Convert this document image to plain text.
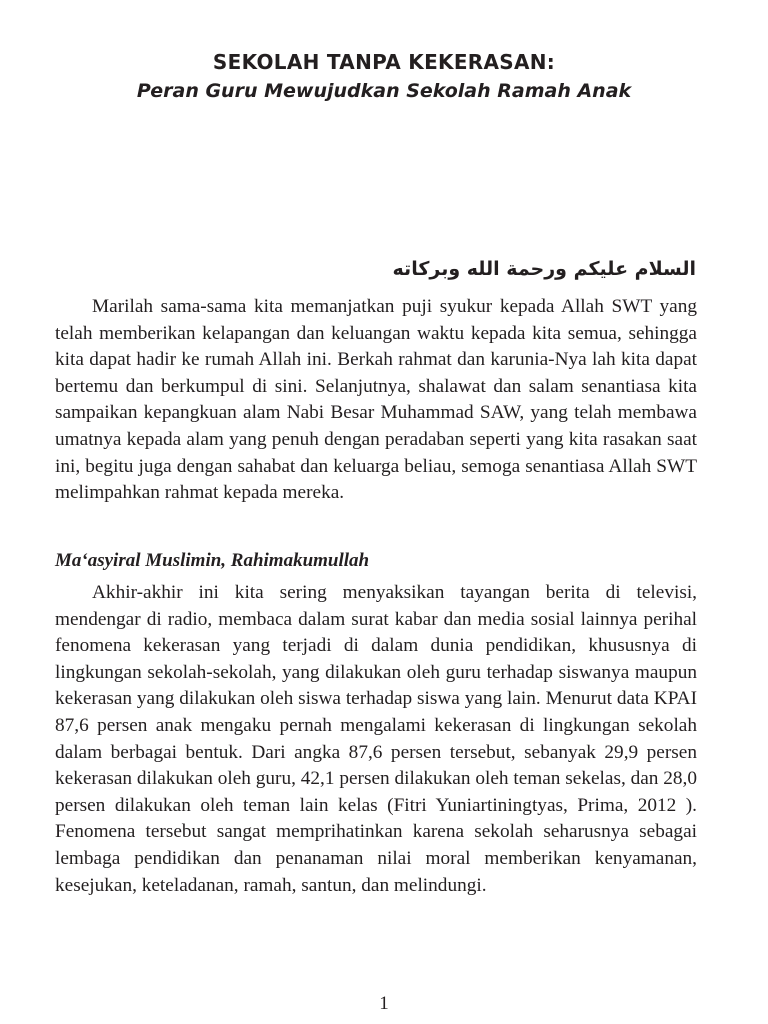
SEKOLAH TANPA KEKERASAN:
Peran Guru Mewujudkan Sekolah Ramah Anak

السلام عليكم ورحمة الله وبركاته

Marilah sama-sama kita memanjatkan puji syukur kepada Allah SWT yang telah memberikan kelapangan dan keluangan waktu kepada kita semua, sehingga kita dapat hadir ke rumah Allah ini. Berkah rahmat dan karunia-Nya lah kita dapat bertemu dan berkumpul di sini. Selanjutnya, shalawat dan salam senantiasa kita sampaikan kepangkuan alam Nabi Besar Muhammad SAW, yang telah membawa umatnya kepada alam yang penuh dengan peradaban seperti yang kita rasakan saat ini, begitu juga dengan sahabat dan keluarga beliau, semoga senantiasa Allah SWT melimpahkan rahmat kepada mereka.

Ma‘asyiral Muslimin, Rahimakumullah

Akhir-akhir ini kita sering menyaksikan tayangan berita di televisi, mendengar di radio, membaca dalam surat kabar dan media sosial lainnya perihal fenomena kekerasan yang terjadi di dalam dunia pendidikan, khususnya di lingkungan sekolah-sekolah, yang dilakukan oleh guru terhadap siswanya maupun kekerasan yang dilakukan oleh siswa terhadap siswa yang lain. Menurut data KPAI 87,6 persen anak mengaku pernah mengalami kekerasan di lingkungan sekolah dalam berbagai bentuk. Dari angka 87,6 persen tersebut, sebanyak 29,9 persen kekerasan dilakukan oleh guru, 42,1 persen dilakukan oleh teman sekelas, dan 28,0 persen dilakukan oleh teman lain kelas (Fitri Yuniartiningtyas, Prima, 2012 ). Fenomena tersebut sangat memprihatinkan karena sekolah seharusnya sebagai lembaga pendidikan dan penanaman nilai moral memberikan kenyamanan, kesejukan, keteladanan, ramah, santun, dan melindungi.

1
